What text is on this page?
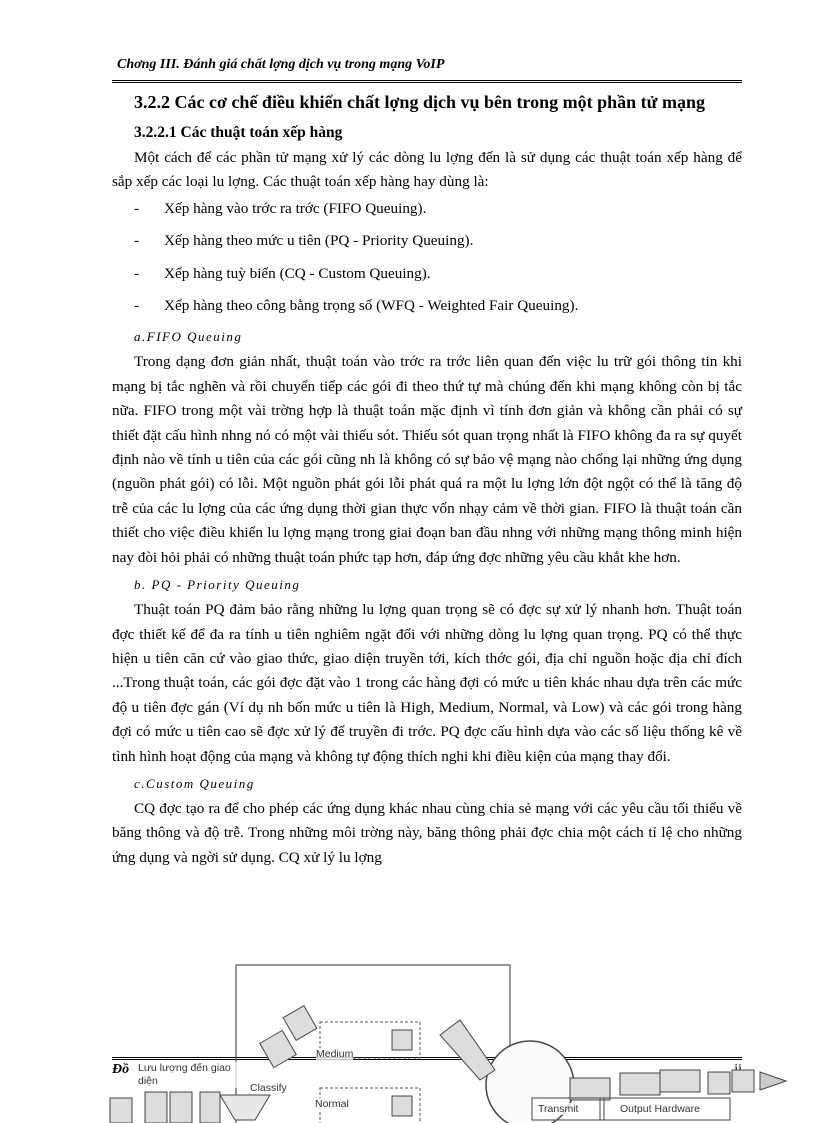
Chơng III. Đánh giá chất lợng dịch vụ trong mạng VoIP
3.2.2 Các cơ chế điều khiển chất lợng dịch vụ bên trong một phần tử mạng
3.2.2.1 Các thuật toán xếp hàng

Một cách để các phần tử mạng xử lý các dòng lu lợng đến là sử dụng các thuật toán xếp hàng để sắp xếp các loại lu lợng. Các thuật toán xếp hàng hay dùng là:

- Xếp hàng vào trớc ra trớc (FIFO Queuing).
- Xếp hàng theo mức u tiên (PQ - Priority Queuing).
- Xếp hàng tuỳ biến (CQ - Custom Queuing).
- Xếp hàng theo công bằng trọng số (WFQ - Weighted Fair Queuing).
a.FIFO Queuing

Trong dạng đơn giản nhất, thuật toán vào trớc ra trớc liên quan đến việc lu trữ gói thông tin khi mạng bị tắc nghẽn và rồi chuyển tiếp các gói đi theo thứ tự mà chúng đến khi mạng không còn bị tắc nữa. FIFO trong một vài trờng hợp là thuật toán mặc định vì tính đơn giản và không cần phải có sự thiết đặt cấu hình nhng nó có một vài thiếu sót. Thiếu sót quan trọng nhất là FIFO không đa ra sự quyết định nào về tính u tiên của các gói cũng nh là không có sự bảo vệ mạng nào chống lại những ứng dụng (nguồn phát gói) có lỗi. Một nguồn phát gói lỗi phát quá ra một lu lợng lớn đột ngột có thể là tăng độ trễ của các lu lợng của các ứng dụng thời gian thực vốn nhạy cảm về thời gian. FIFO là thuật toán cần thiết cho việc điều khiển lu lợng mạng trong giai đoạn ban đầu nhng với những mạng thông minh hiện nay đòi hỏi phải có những thuật toán phức tạp hơn, đáp ứng đợc những yêu cầu khắt khe hơn.

b. PQ - Priority Queuing

Thuật toán PQ đảm bảo rằng những lu lợng quan trọng sẽ có đợc sự xử lý nhanh hơn. Thuật toán đợc thiết kế để đa ra tính u tiên nghiêm ngặt đối với những dòng lu lợng quan trọng. PQ có thể thực hiện u tiên căn cứ vào giao thức, giao diện truyền tới, kích thớc gói, địa chỉ nguồn hoặc địa chỉ đích ...Trong thuật toán, các gói đợc đặt vào 1 trong các hàng đợi có mức u tiên khác nhau dựa trên các mức độ u tiên đợc gán (Ví dụ nh bốn mức u tiên là High, Medium, Normal, và Low) và các gói trong hàng đợi có mức u tiên cao sẽ đợc xử lý để truyền đi trớc. PQ đợc cấu hình dựa vào các số liệu thống kê về tình hình hoạt động của mạng và không tự động thích nghi khi điều kiện của mạng thay đổi.

c.Custom Queuing

CQ đợc tạo ra để cho phép các ứng dụng khác nhau cùng chia sẻ mạng với các yêu cầu tối thiểu về băng thông và độ trễ. Trong những môi trờng này, băng thông phải đợc chia một cách tỉ lệ cho những ứng dụng và ngời sử dụng. CQ xử lý lu lợng

Đồ Lưu lượng đến giao diện
Classify
Medium
Normal	Transmit	Output Hardware
